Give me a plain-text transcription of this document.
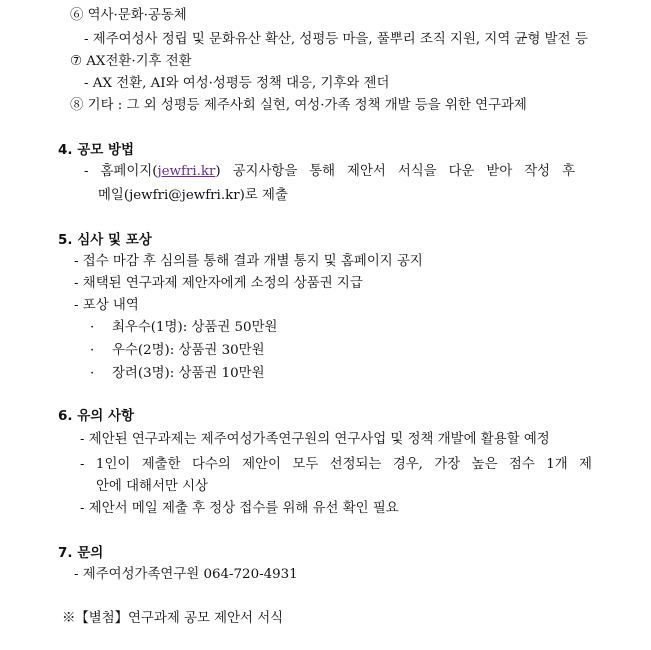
⑥ 역사·문화·공동체
- 제주여성사 정립 및 문화유산 확산, 성평등 마을, 풀뿌리 조직 지원, 지역 균형 발전 등
⑦ AX전환·기후 전환
- AX 전환, AI와 여성·성평등 정책 대응, 기후와 젠더
⑧ 기타 : 그 외 성평등 제주사회 실현, 여성·가족 정책 개발 등을 위한 연구과제
4. 공모 방법
- 홈페이지(jewfri.kr) 공지사항을 통해 제안서 서식을 다운 받아 작성 후
메일(jewfri@jewfri.kr)로 제출
5. 심사 및 포상
- 접수 마감 후 심의를 통해 결과 개별 통지 및 홈페이지 공지
- 채택된 연구과제 제안자에게 소정의 상품권 지급
- 포상 내역
· 최우수(1명): 상품권 50만원
· 우수(2명): 상품권 30만원
· 장려(3명): 상품권 10만원
6. 유의 사항
- 제안된 연구과제는 제주여성가족연구원의 연구사업 및 정책 개발에 활용할 예정
- 1인이 제출한 다수의 제안이 모두 선정되는 경우, 가장 높은 점수 1개 제
안에 대해서만 시상
- 제안서 메일 제출 후 정상 접수를 위해 유선 확인 필요
7. 문의
- 제주여성가족연구원 064-720-4931
※【별첨】연구과제 공모 제안서 서식
